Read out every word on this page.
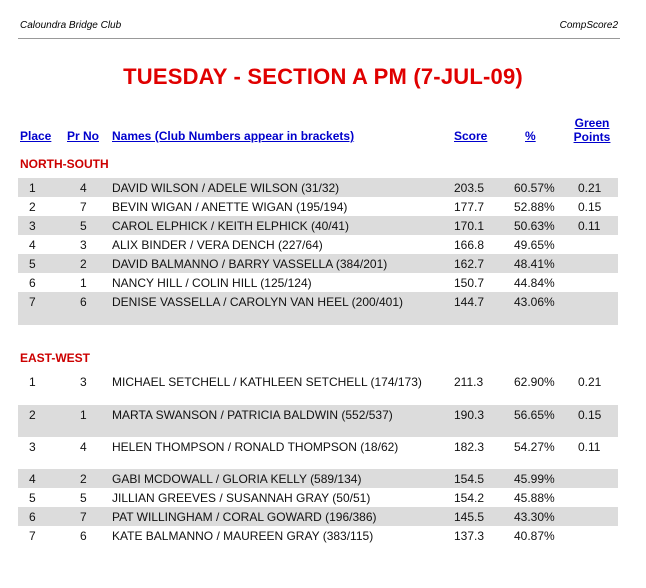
Caloundra Bridge Club	CompScore2
TUESDAY - SECTION A PM (7-JUL-09)
Place Pr No Names (Club Numbers appear in brackets)	Score	%
Green
Points
NORTH-SOUTH
1	4 DAVID WILSON / ADELE WILSON (31/32)	203.5 60.57% 0.21
2	7 BEVIN WIGAN / ANETTE WIGAN (195/194)	177.7 52.88% 0.15
3	5 CAROL ELPHICK / KEITH ELPHICK (40/41)	170.1 50.63% 0.11
4	3 ALIX BINDER / VERA DENCH (227/64)	166.8 49.65%
5	2 DAVID BALMANNO / BARRY VASSELLA (384/201)	162.7 48.41%
6	1 NANCY HILL / COLIN HILL (125/124)	150.7 44.84%
7	6 DENISE VASSELLA / CAROLYN VAN HEEL (200/401)	144.7 43.06%
EAST-WEST
1	3 MICHAEL SETCHELL / KATHLEEN SETCHELL (174/173)	211.3	62.90% 0.21
2	1 MARTA SWANSON / PATRICIA BALDWIN (552/537)	190.3 56.65% 0.15
3	4 HELEN THOMPSON / RONALD THOMPSON (18/62)	182.3 54.27% 0.11
4	2 GABI MCDOWALL / GLORIA KELLY (589/134)	154.5 45.99%
5	5 JILLIAN GREEVES / SUSANNAH GRAY (50/51)	154.2 45.88%
6	7 PAT WILLINGHAM / CORAL GOWARD (196/386)	145.5 43.30%
7	6 KATE BALMANNO / MAUREEN GRAY (383/115)	137.3 40.87%
